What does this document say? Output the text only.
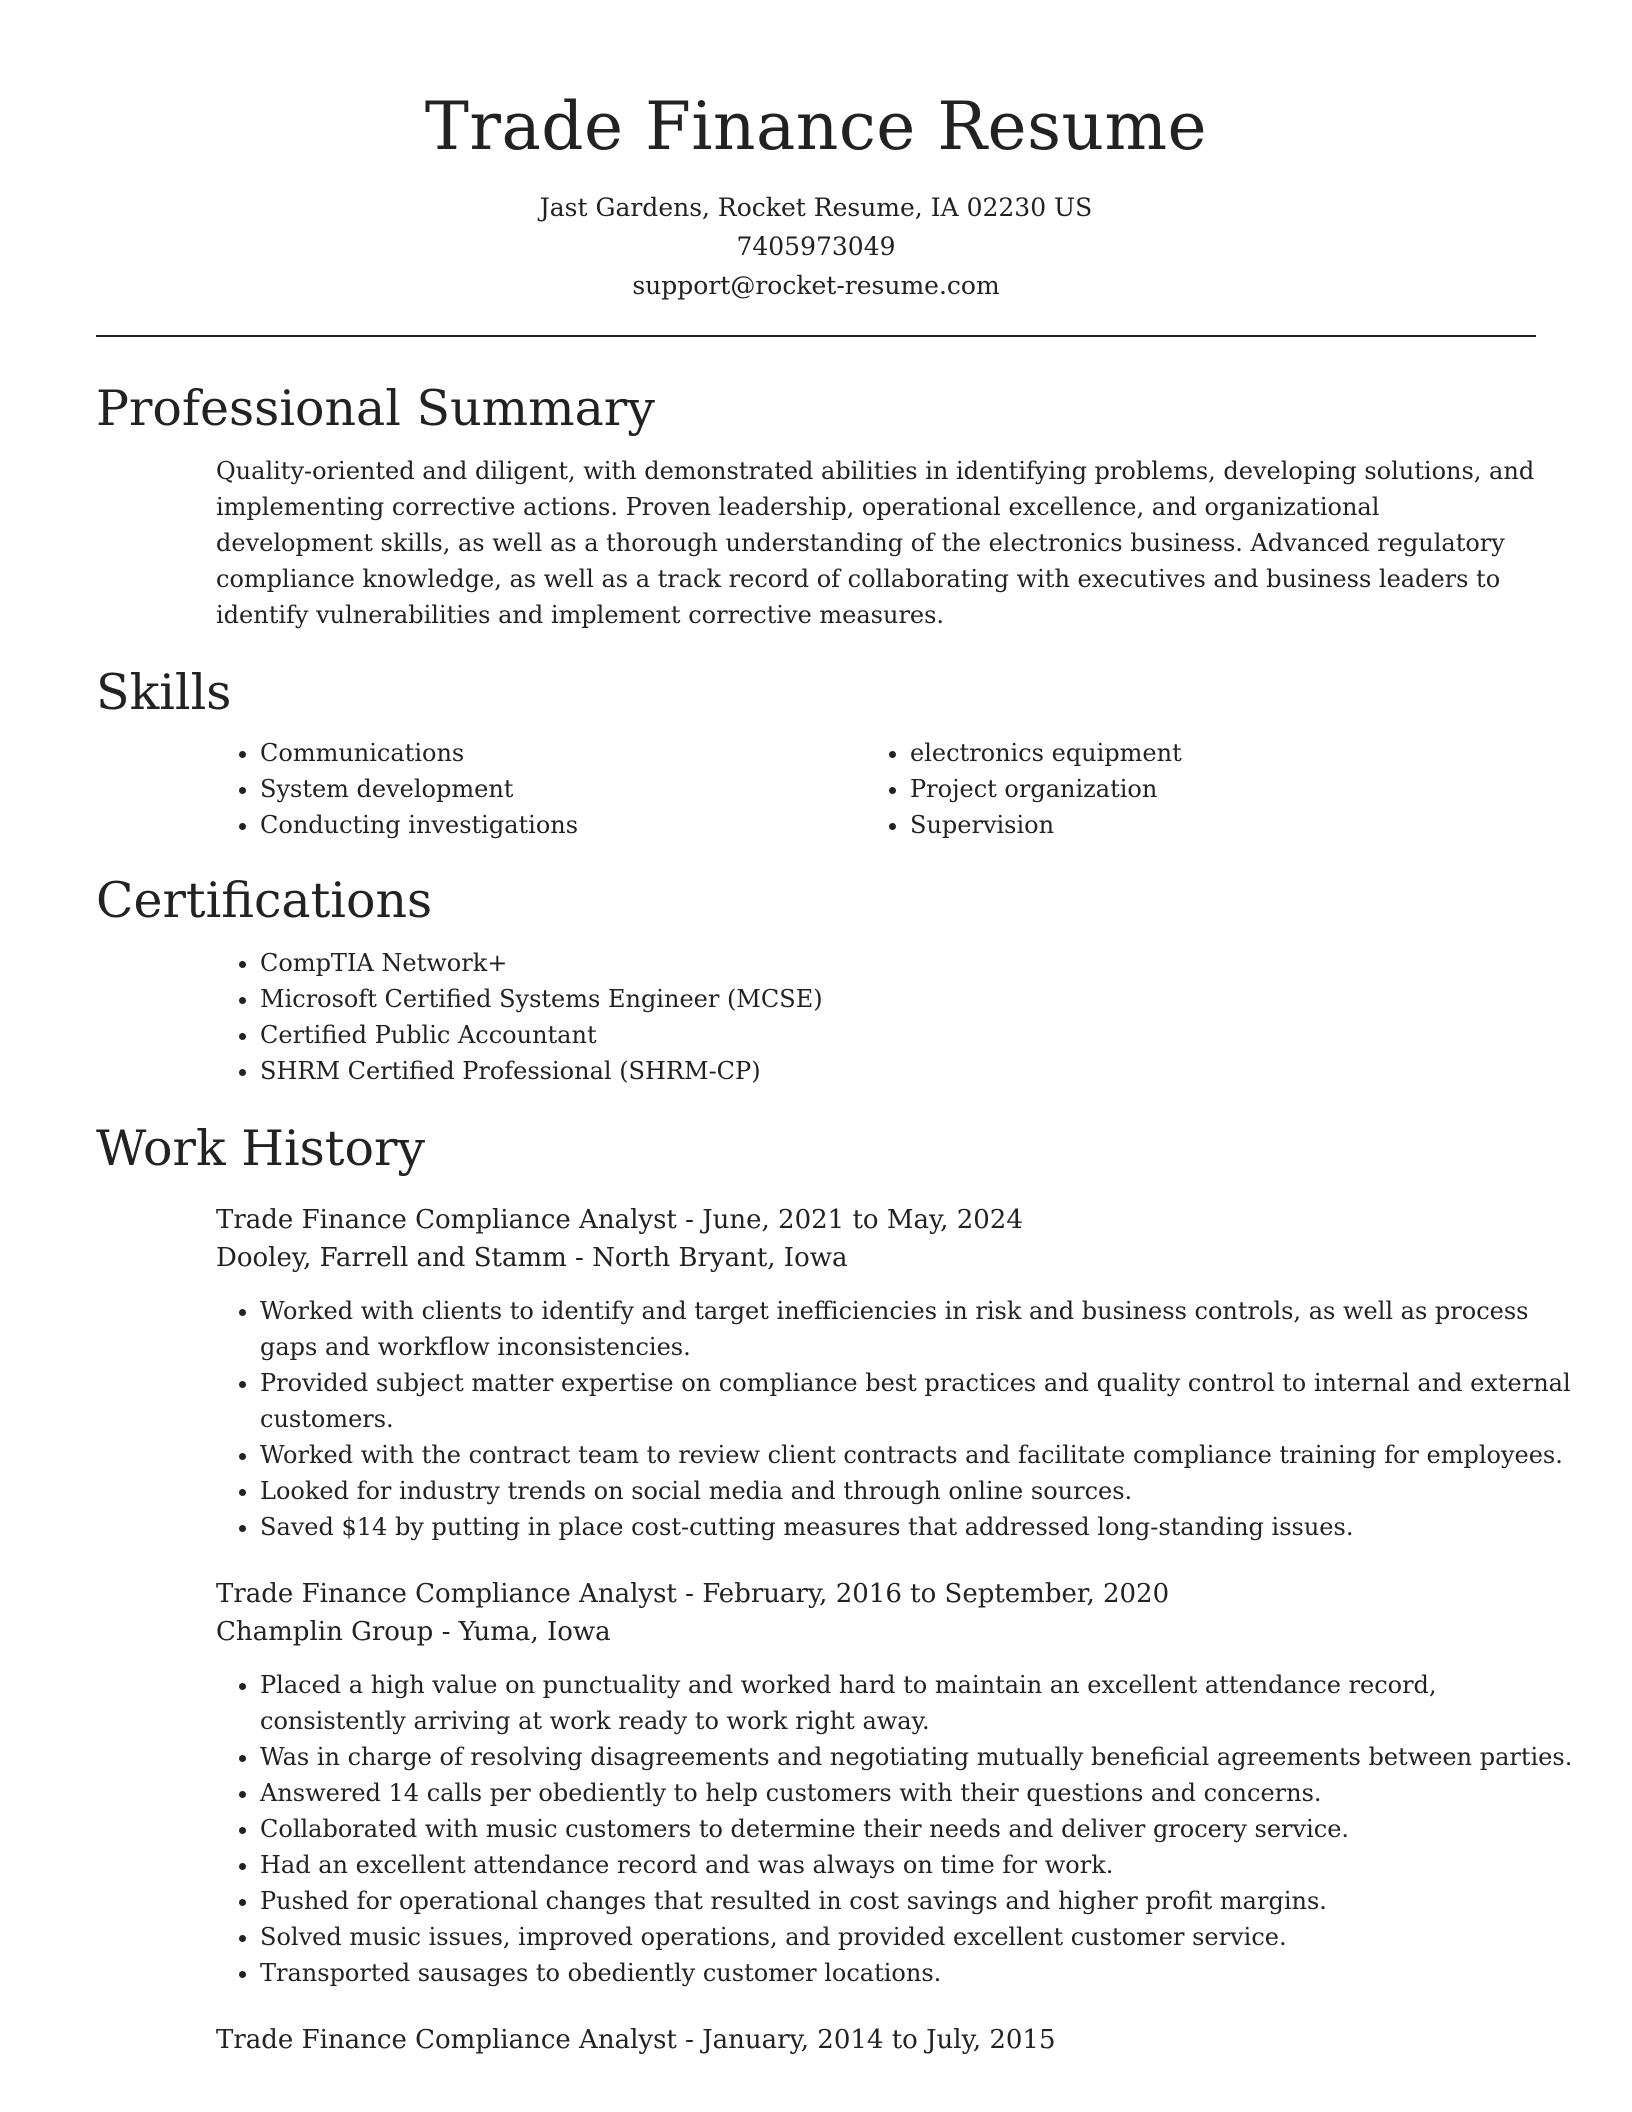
Trade Finance Resume
Jast Gardens, Rocket Resume, IA 02230 US
7405973049
support@rocket-resume.com
Professional Summary
Quality-oriented and diligent, with demonstrated abilities in identifying problems, developing solutions, and implementing corrective actions. Proven leadership, operational excellence, and organizational development skills, as well as a thorough understanding of the electronics business. Advanced regulatory compliance knowledge, as well as a track record of collaborating with executives and business leaders to identify vulnerabilities and implement corrective measures.
Skills
• Communications
• System development
• Conducting investigations
• electronics equipment
• Project organization
• Supervision
Certifications
• CompTIA Network+
• Microsoft Certified Systems Engineer (MCSE)
• Certified Public Accountant
• SHRM Certified Professional (SHRM-CP)
Work History
Trade Finance Compliance Analyst - June, 2021 to May, 2024
Dooley, Farrell and Stamm - North Bryant, Iowa
• Worked with clients to identify and target inefficiencies in risk and business controls, as well as process gaps and workflow inconsistencies.
• Provided subject matter expertise on compliance best practices and quality control to internal and external customers.
• Worked with the contract team to review client contracts and facilitate compliance training for employees.
• Looked for industry trends on social media and through online sources.
• Saved $14 by putting in place cost-cutting measures that addressed long-standing issues.
Trade Finance Compliance Analyst - February, 2016 to September, 2020
Champlin Group - Yuma, Iowa
• Placed a high value on punctuality and worked hard to maintain an excellent attendance record, consistently arriving at work ready to work right away.
• Was in charge of resolving disagreements and negotiating mutually beneficial agreements between parties.
• Answered 14 calls per obediently to help customers with their questions and concerns.
• Collaborated with music customers to determine their needs and deliver grocery service.
• Had an excellent attendance record and was always on time for work.
• Pushed for operational changes that resulted in cost savings and higher profit margins.
• Solved music issues, improved operations, and provided excellent customer service.
• Transported sausages to obediently customer locations.
Trade Finance Compliance Analyst - January, 2014 to July, 2015
